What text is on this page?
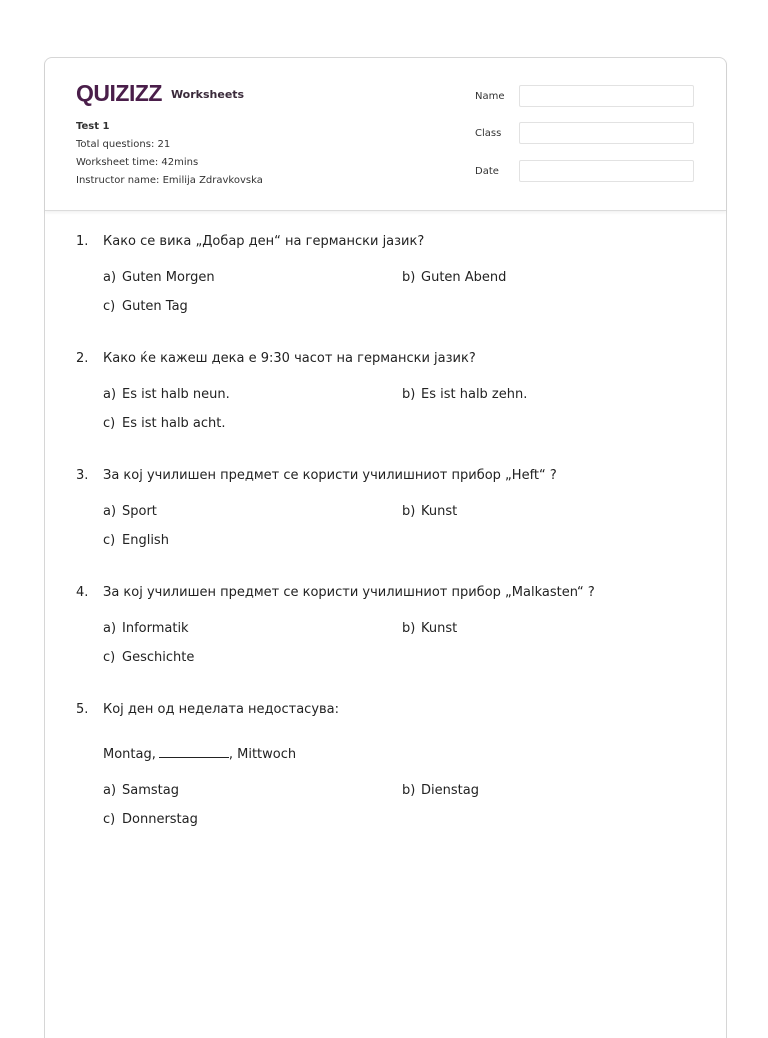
QUIZIZZ Worksheets
Test 1
Total questions: 21
Worksheet time: 42mins
Instructor name: Emilija Zdravkovska
Name
Class
Date
1.	Како се вика „Добар ден“ на германски јазик?
a) Guten Morgen	b) Guten Abend
c) Guten Tag
2.	Како ќе кажеш дека е 9:30 часот на германски јазик?
a) Es ist halb neun.	b) Es ist halb zehn.
c) Es ist halb acht.
3.	За кој училишен предмет се користи училишниот прибор „Heft“ ?
a) Sport	b) Kunst
c) English
4.	За кој училишен предмет се користи училишниот прибор „Malkasten“ ?
a) Informatik	b) Kunst
c) Geschichte
5.	Кој ден од неделата недостасува:
Montag,	, Mittwoch
a) Samstag	b) Dienstag
c) Donnerstag
